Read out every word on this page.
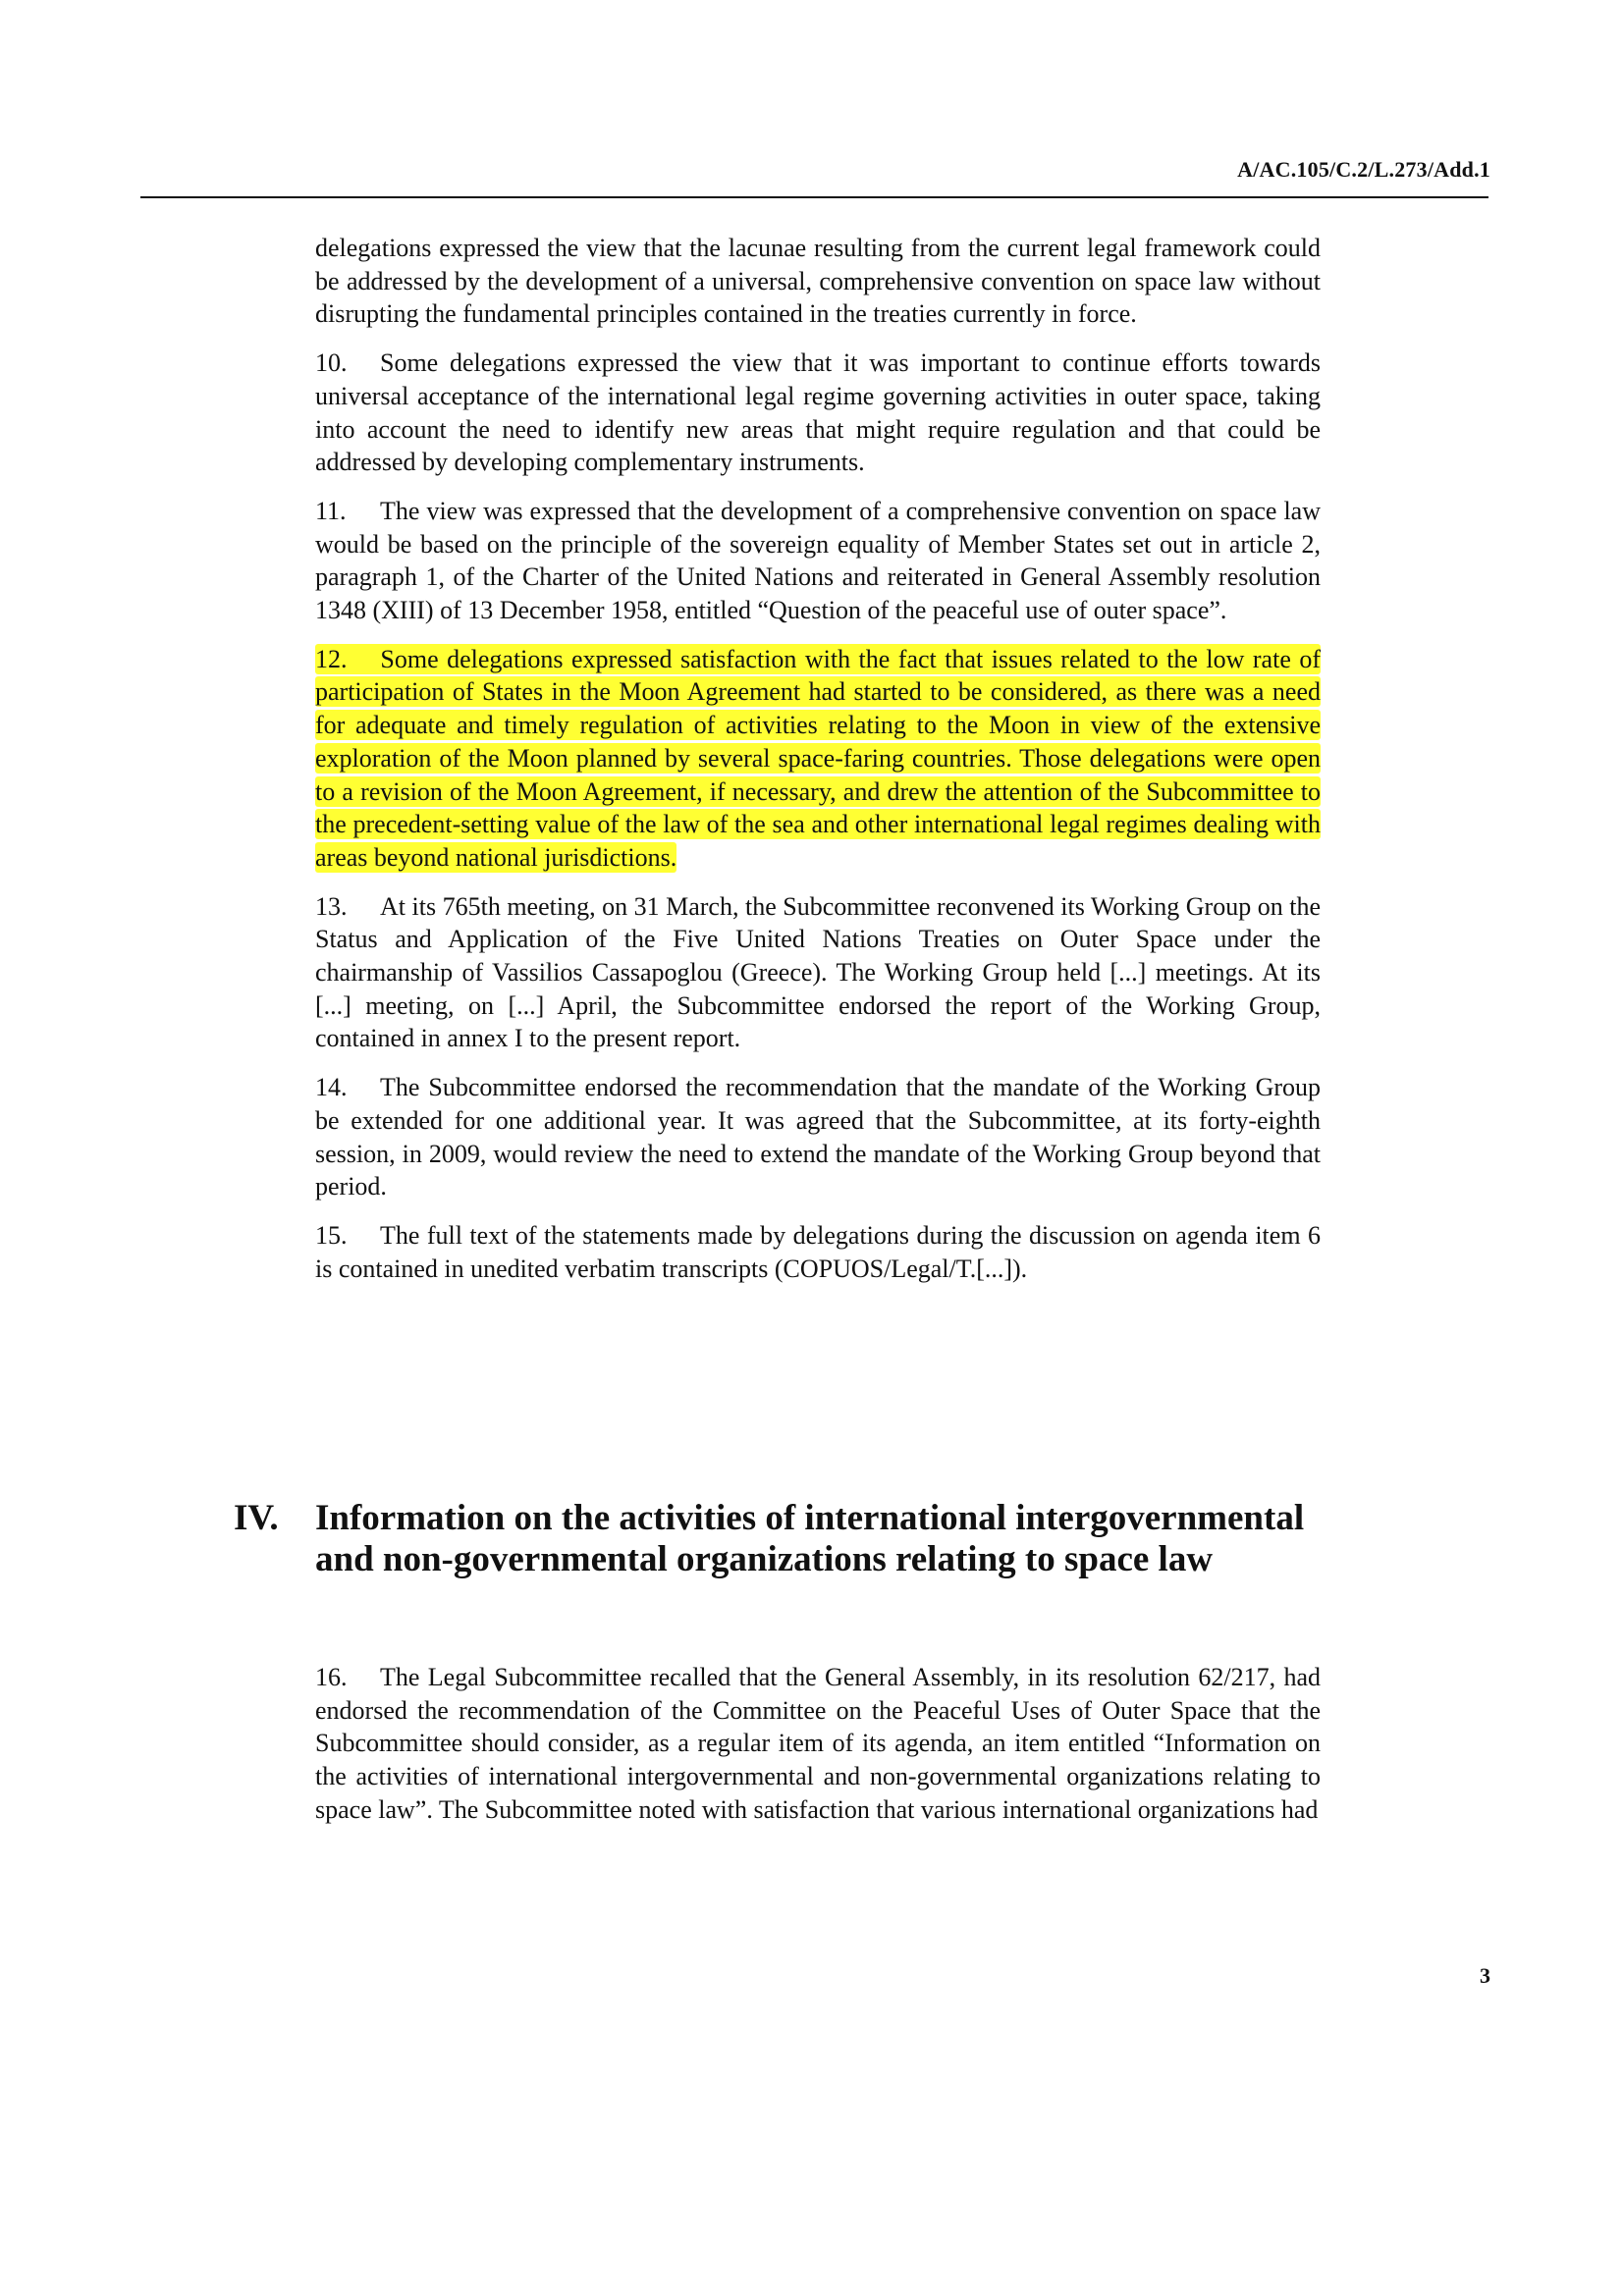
A/AC.105/C.2/L.273/Add.1

delegations expressed the view that the lacunae resulting from the current legal framework could be addressed by the development of a universal, comprehensive convention on space law without disrupting the fundamental principles contained in the treaties currently in force.

10. Some delegations expressed the view that it was important to continue efforts towards universal acceptance of the international legal regime governing activities in outer space, taking into account the need to identify new areas that might require regulation and that could be addressed by developing complementary instruments.

11. The view was expressed that the development of a comprehensive convention on space law would be based on the principle of the sovereign equality of Member States set out in article 2, paragraph 1, of the Charter of the United Nations and reiterated in General Assembly resolution 1348 (XIII) of 13 December 1958, entitled “Question of the peaceful use of outer space”.

12. Some delegations expressed satisfaction with the fact that issues related to the low rate of participation of States in the Moon Agreement had started to be considered, as there was a need for adequate and timely regulation of activities relating to the Moon in view of the extensive exploration of the Moon planned by several space-faring countries. Those delegations were open to a revision of the Moon Agreement, if necessary, and drew the attention of the Subcommittee to the precedent-setting value of the law of the sea and other international legal regimes dealing with areas beyond national jurisdictions.

13. At its 765th meeting, on 31 March, the Subcommittee reconvened its Working Group on the Status and Application of the Five United Nations Treaties on Outer Space under the chairmanship of Vassilios Cassapoglou (Greece). The Working Group held [...] meetings. At its [...] meeting, on [...] April, the Subcommittee endorsed the report of the Working Group, contained in annex I to the present report.

14. The Subcommittee endorsed the recommendation that the mandate of the Working Group be extended for one additional year. It was agreed that the Subcommittee, at its forty-eighth session, in 2009, would review the need to extend the mandate of the Working Group beyond that period.

15. The full text of the statements made by delegations during the discussion on agenda item 6 is contained in unedited verbatim transcripts (COPUOS/Legal/T.[...]).

IV.	Information on the activities of international intergovernmental and non-governmental organizations relating to space law

16. The Legal Subcommittee recalled that the General Assembly, in its resolution 62/217, had endorsed the recommendation of the Committee on the Peaceful Uses of Outer Space that the Subcommittee should consider, as a regular item of its agenda, an item entitled “Information on the activities of international intergovernmental and non-governmental organizations relating to space law”. The Subcommittee noted with satisfaction that various international organizations had

3
